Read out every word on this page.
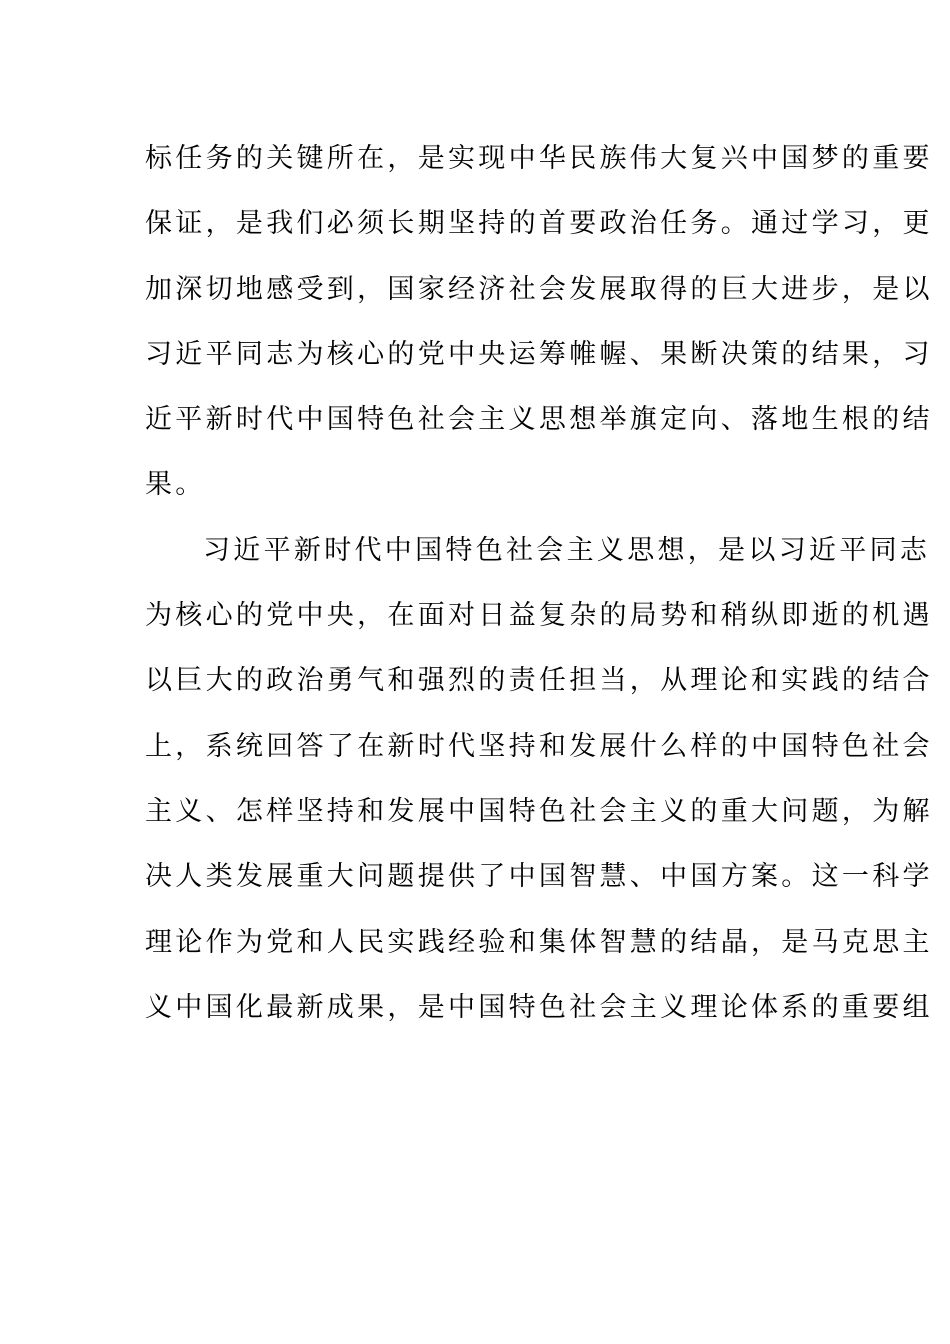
标任务的关键所在，是实现中华民族伟大复兴中国梦的重要
保证，是我们必须长期坚持的首要政治任务。通过学习，更
加深切地感受到，国家经济社会发展取得的巨大进步，是以
习近平同志为核心的党中央运筹帷幄、果断决策的结果，习
近平新时代中国特色社会主义思想举旗定向、落地生根的结
果。
习近平新时代中国特色社会主义思想，是以习近平同志
为核心的党中央，在面对日益复杂的局势和稍纵即逝的机遇
以巨大的政治勇气和强烈的责任担当，从理论和实践的结合
上，系统回答了在新时代坚持和发展什么样的中国特色社会
主义、怎样坚持和发展中国特色社会主义的重大问题，为解
决人类发展重大问题提供了中国智慧、中国方案。这一科学
理论作为党和人民实践经验和集体智慧的结晶，是马克思主
义中国化最新成果，是中国特色社会主义理论体系的重要组
